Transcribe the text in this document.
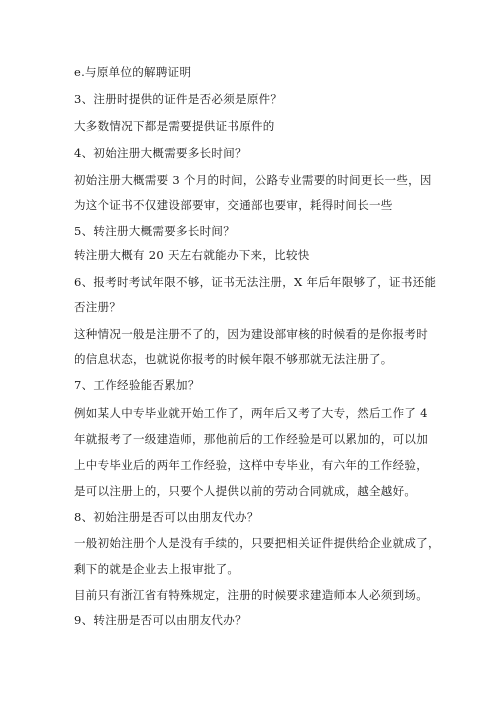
e.与原单位的解聘证明
3、注册时提供的证件是否必须是原件？
大多数情况下都是需要提供证书原件的
4、初始注册大概需要多长时间？
初始注册大概需要 3 个月的时间，公路专业需要的时间更长一些，因
为这个证书不仅建设部要审，交通部也要审，耗得时间长一些
5、转注册大概需要多长时间？
转注册大概有 20 天左右就能办下来，比较快
6、报考时考试年限不够，证书无法注册，X 年后年限够了，证书还能
否注册？
这种情况一般是注册不了的，因为建设部审核的时候看的是你报考时
的信息状态，也就说你报考的时候年限不够那就无法注册了。
7、工作经验能否累加？
例如某人中专毕业就开始工作了，两年后又考了大专，然后工作了 4
年就报考了一级建造师，那他前后的工作经验是可以累加的，可以加
上中专毕业后的两年工作经验，这样中专毕业，有六年的工作经验，
是可以注册上的，只要个人提供以前的劳动合同就成，越全越好。
8、初始注册是否可以由朋友代办？
一般初始注册个人是没有手续的，只要把相关证件提供给企业就成了，
剩下的就是企业去上报审批了。
目前只有浙江省有特殊规定，注册的时候要求建造师本人必须到场。
9、转注册是否可以由朋友代办？
